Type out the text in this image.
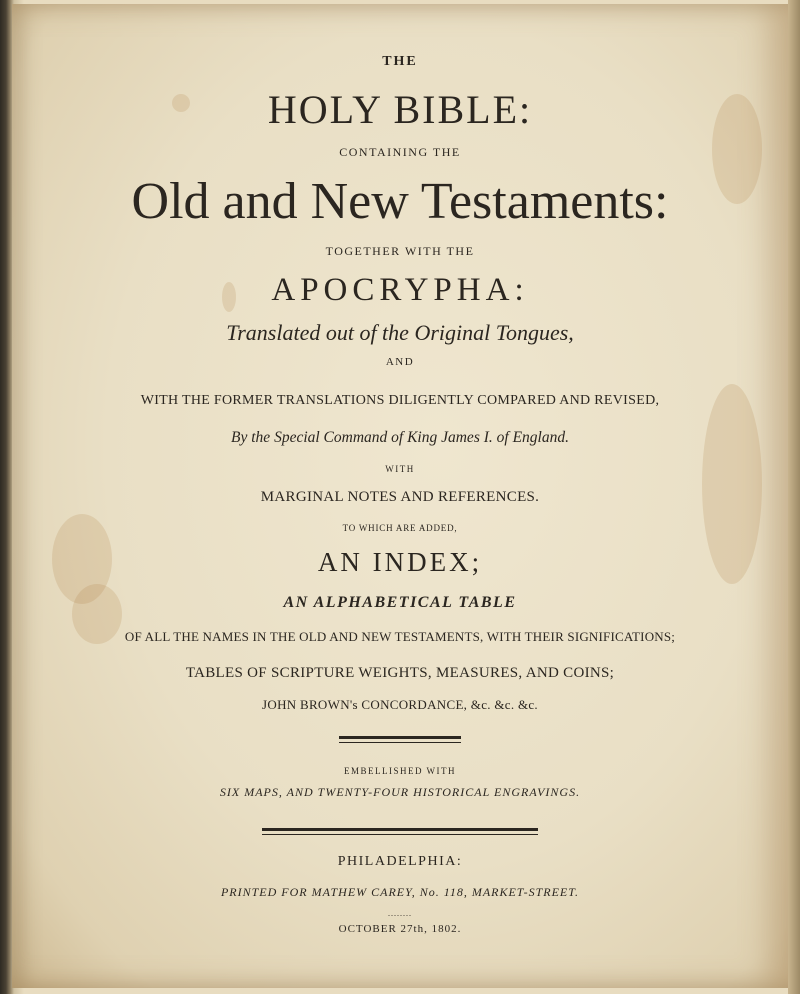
THE
HOLY BIBLE:
CONTAINING THE
Old and New Testaments:
TOGETHER WITH THE
APOCRYPHA:
Translated out of the Original Tongues,
AND
WITH THE FORMER TRANSLATIONS DILIGENTLY COMPARED AND REVISED,
By the Special Command of King James I. of England.
WITH
MARGINAL NOTES AND REFERENCES.
TO WHICH ARE ADDED,
AN INDEX;
AN ALPHABETICAL TABLE
OF ALL THE NAMES IN THE OLD AND NEW TESTAMENTS, WITH THEIR SIGNIFICATIONS;
TABLES OF SCRIPTURE WEIGHTS, MEASURES, AND COINS;
JOHN BROWN's CONCORDANCE, &c. &c. &c.
EMBELLISHED WITH
SIX MAPS, AND TWENTY-FOUR HISTORICAL ENGRAVINGS.
PHILADELPHIA:
PRINTED FOR MATHEW CAREY, No. 118, MARKET-STREET.
........
OCTOBER 27th, 1802.
